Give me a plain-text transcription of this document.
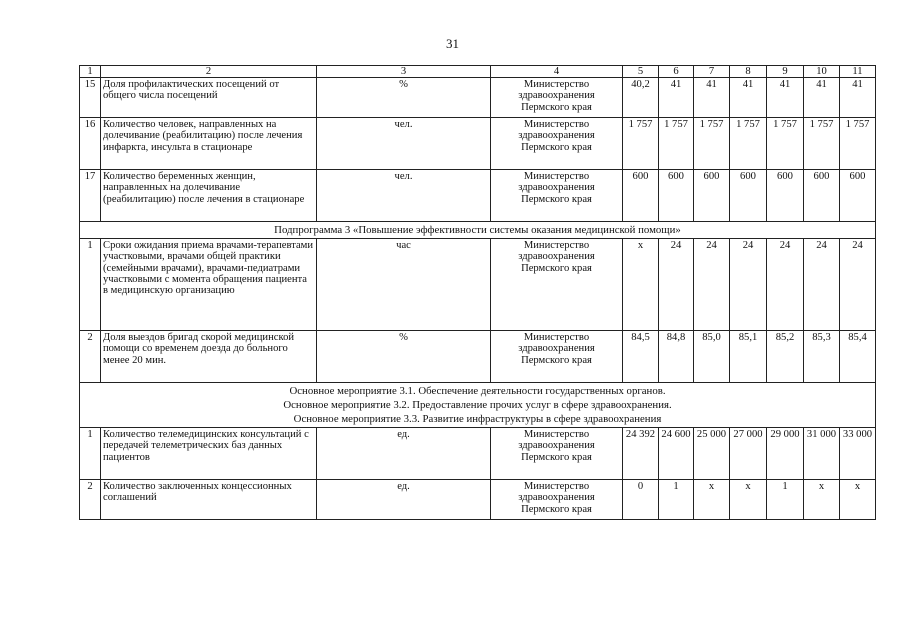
31
1	2	3	4	5	6	7	8	9	10	11
15	Доля профилактических посещений от общего числа посещений	%	Министерство здравоохранения Пермского края	40,2	41	41	41	41	41	41
16	Количество человек, направленных на долечивание (реабилитацию) после лечения инфаркта, инсульта в стационаре	чел.	Министерство здравоохранения Пермского края	1 757	1 757	1 757	1 757	1 757	1 757	1 757
17	Количество беременных женщин, направленных на долечивание (реабилитацию) после лечения в стационаре	чел.	Министерство здравоохранения Пермского края	600	600	600	600	600	600	600
Подпрограмма 3 «Повышение эффективности системы оказания медицинской помощи»										
1	Сроки ожидания приема врачами-терапевтами участковыми, врачами общей практики (семейными врачами), врачами-педиатрами участковыми с момента обращения пациента в медицинскую организацию	час	Министерство здравоохранения Пермского края	х	24	24	24	24	24	24
2	Доля выездов бригад скорой медицинской помощи со временем доезда до больного менее 20 мин.	%	Министерство здравоохранения Пермского края	84,5	84,8	85,0	85,1	85,2	85,3	85,4

Основное мероприятие 3.1. Обеспечение деятельности государственных органов.
Основное мероприятие 3.2. Предоставление прочих услуг в сфере здравоохранения.
Основное мероприятие 3.3. Развитие инфраструктуры в сфере здравоохранения										

1	Количество телемедицинских консультаций с передачей телеметрических баз данных пациентов	ед.	Министерство здравоохранения Пермского края	24 392	24 600	25 000	27 000	29 000	31 000	33 000
2	Количество заключенных концессионных соглашений	ед.	Министерство здравоохранения Пермского края	0	1	х	х	1	х	х
